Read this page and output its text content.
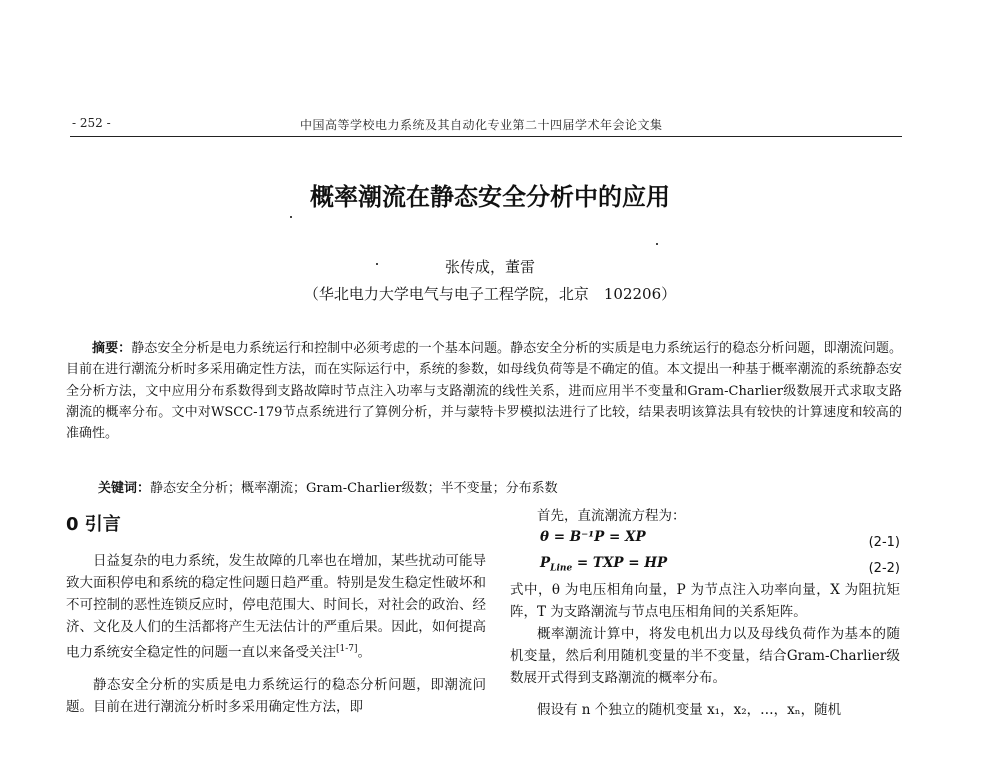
- 252 -	中国高等学校电力系统及其自动化专业第二十四届学术年会论文集
概率潮流在静态安全分析中的应用
张传成，董雷
（华北电力大学电气与电子工程学院，北京　102206）
摘要：静态安全分析是电力系统运行和控制中必须考虑的一个基本问题。静态安全分析的实质是电力系统运行的稳态分析问题，即潮流问题。目前在进行潮流分析时多采用确定性方法，而在实际运行中，系统的参数，如母线负荷等是不确定的值。本文提出一种基于概率潮流的系统静态安全分析方法，文中应用分布系数得到支路故障时节点注入功率与支路潮流的线性关系，进而应用半不变量和Gram-Charlier级数展开式求取支路潮流的概率分布。文中对WSCC-179节点系统进行了算例分析，并与蒙特卡罗模拟法进行了比较，结果表明该算法具有较快的计算速度和较高的准确性。
关键词：静态安全分析；概率潮流；Gram-Charlier级数；半不变量；分布系数
0 引言

日益复杂的电力系统，发生故障的几率也在增加，某些扰动可能导致大面积停电和系统的稳定性问题日趋严重。特别是发生稳定性破坏和不可控制的恶性连锁反应时，停电范围大、时间长，对社会的政治、经济、文化及人们的生活都将产生无法估计的严重后果。因此，如何提高电力系统安全稳定性的问题一直以来备受关注[1-7]。

静态安全分析的实质是电力系统运行的稳态分析问题，即潮流问题。目前在进行潮流分析时多采用确定性方法，即

首先，直流潮流方程为：

θ = B⁻¹P = XP	(2-1)
$P_{Line}$ = TXP = HP	(2-2)

式中，θ 为电压相角向量，P 为节点注入功率向量，X 为阻抗矩阵，T 为支路潮流与节点电压相角间的关系矩阵。

概率潮流计算中，将发电机出力以及母线负荷作为基本的随机变量，然后利用随机变量的半不变量，结合Gram-Charlier级数展开式得到支路潮流的概率分布。

假设有 n 个独立的随机变量 x₁，x₂，…，xₙ，随机
